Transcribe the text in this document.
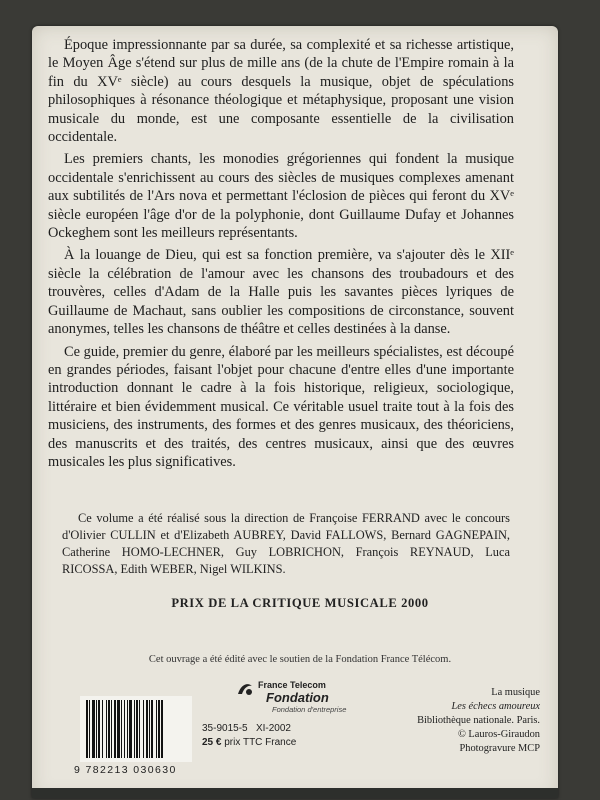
Époque impressionnante par sa durée, sa complexité et sa richesse artistique, le Moyen Âge s'étend sur plus de mille ans (de la chute de l'Empire romain à la fin du XVᵉ siècle) au cours desquels la musique, objet de spéculations philosophiques à résonance théologique et métaphysique, proposant une vision musicale du monde, est une composante essentielle de la civilisation occidentale.

Les premiers chants, les monodies grégoriennes qui fondent la musique occidentale s'enrichissent au cours des siècles de musiques complexes amenant aux subtilités de l'Ars nova et permettant l'éclosion de pièces qui feront du XVᵉ siècle européen l'âge d'or de la polyphonie, dont Guillaume Dufay et Johannes Ockeghem sont les meilleurs représentants.

À la louange de Dieu, qui est sa fonction première, va s'ajouter dès le XIIᵉ siècle la célébration de l'amour avec les chansons des troubadours et des trouvères, celles d'Adam de la Halle puis les savantes pièces lyriques de Guillaume de Machaut, sans oublier les compositions de circonstance, souvent anonymes, telles les chansons de théâtre et celles destinées à la danse.

Ce guide, premier du genre, élaboré par les meilleurs spécialistes, est découpé en grandes périodes, faisant l'objet pour chacune d'entre elles d'une importante introduction donnant le cadre à la fois historique, religieux, sociologique, littéraire et bien évidemment musical. Ce véritable usuel traite tout à la fois des musiciens, des instruments, des formes et des genres musicaux, des théoriciens, des manuscrits et des traités, des centres musicaux, ainsi que des œuvres musicales les plus significatives.

Ce volume a été réalisé sous la direction de Françoise FERRAND avec le concours d'Olivier CULLIN et d'Elizabeth AUBREY, David FALLOWS, Bernard GAGNEPAIN, Catherine HOMO-LECHNER, Guy LOBRICHON, François REYNAUD, Luca RICOSSA, Edith WEBER, Nigel WILKINS.

PRIX DE LA CRITIQUE MUSICALE 2000
Cet ouvrage a été édité avec le soutien de la Fondation France Télécom.
France Telecom
Fondation
Fondation d'entreprise
9 782213 030630
35-9015-5 XI-2002
25 € prix TTC France
La musique
Les échecs amoureux
Bibliothèque nationale. Paris.
© Lauros-Giraudon
Photogravure MCP
